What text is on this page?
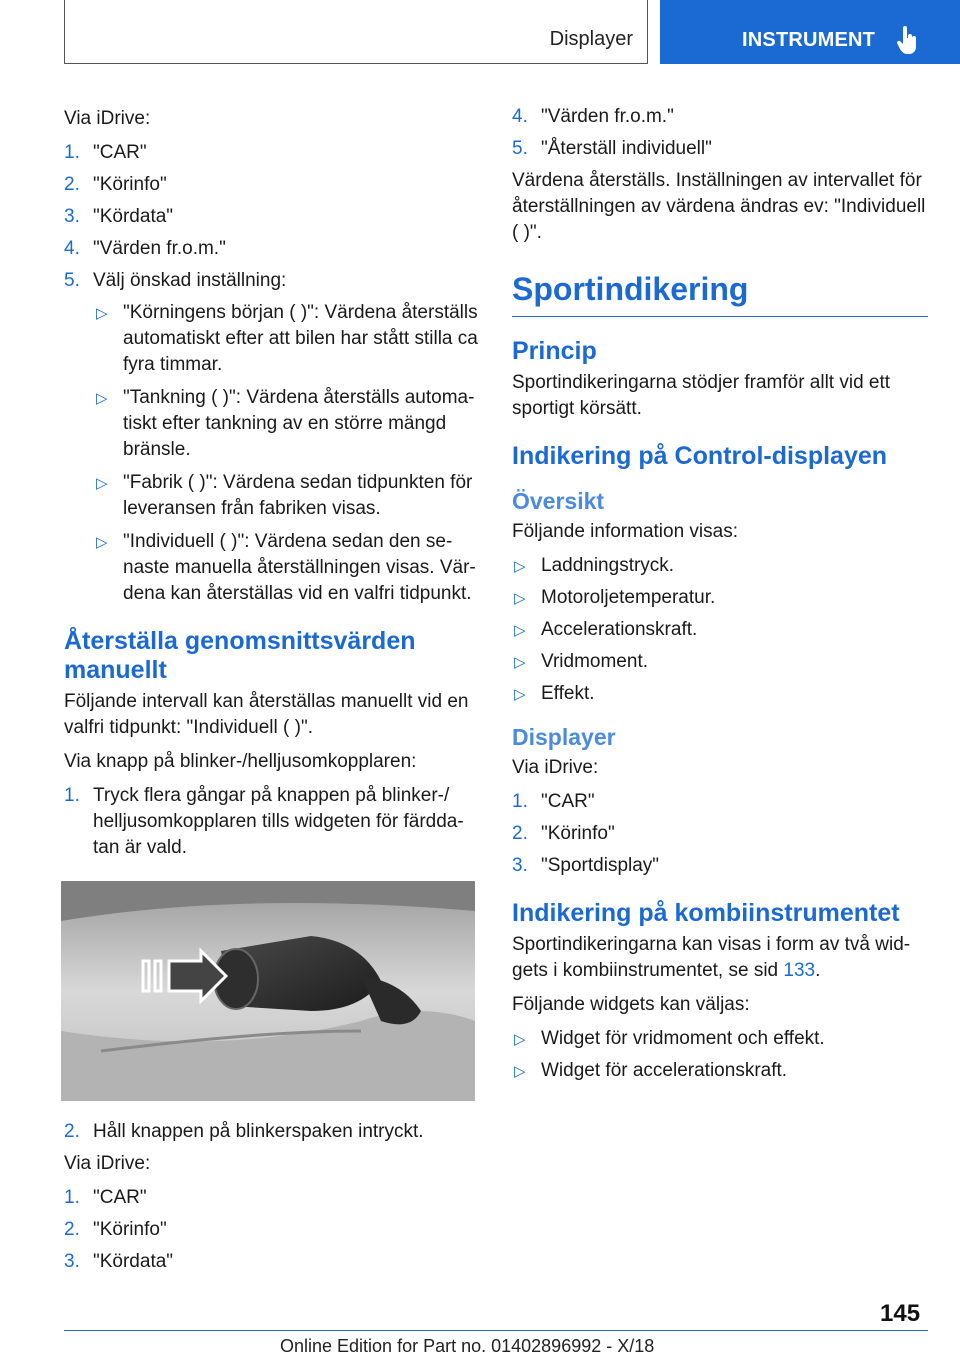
Displayer	INSTRUMENT

Via iDrive:

1. "CAR"
2. "Körinfo"
3. "Kördata"
4. "Värden fr.o.m."
5. Välj önskad inställning:
▷ "Körningens början ( )": Värdena återställs automatiskt efter att bilen har stått stilla ca fyra timmar.
▷ "Tankning ( )": Värdena återställs automa- tiskt efter tankning av en större mängd bränsle.
▷ "Fabrik ( )": Värdena sedan tidpunkten för leveransen från fabriken visas.
▷ "Individuell ( )": Värdena sedan den se- naste manuella återställningen visas. Vär- dena kan återställas vid en valfri tidpunkt.
Återställa genomsnittsvärden manuellt

Följande intervall kan återställas manuellt vid en valfri tidpunkt: "Individuell ( )".

Via knapp på blinker-/helljusomkopplaren:

1. Tryck flera gångar på knappen på blinker-/ helljusomkopplaren tills widgeten för färdda- tan är vald.
2. Håll knappen på blinkerspaken intryckt.

Via iDrive:

1. "CAR"
2. "Körinfo"
3. "Kördata"
4. "Värden fr.o.m."
5. "Återställ individuell"

Värdena återställs. Inställningen av intervallet för återställningen av värdena ändras ev: "Individuell ( )".

Sportindikering
Princip

Sportindikeringarna stödjer framför allt vid ett sportigt körsätt.

Indikering på Control-displayen
Översikt

Följande information visas:

▷ Laddningstryck.
▷ Motoroljetemperatur.
▷ Accelerationskraft.
▷ Vridmoment.
▷ Effekt.
Displayer

Via iDrive:

1. "CAR"
2. "Körinfo"
3. "Sportdisplay"
Indikering på kombiinstrumentet

Sportindikeringarna kan visas i form av två wid- gets i kombiinstrumentet, se sid 133.

Följande widgets kan väljas:

▷ Widget för vridmoment och effekt.
▷ Widget för accelerationskraft.
145
Online Edition for Part no. 01402896992 - X/18
